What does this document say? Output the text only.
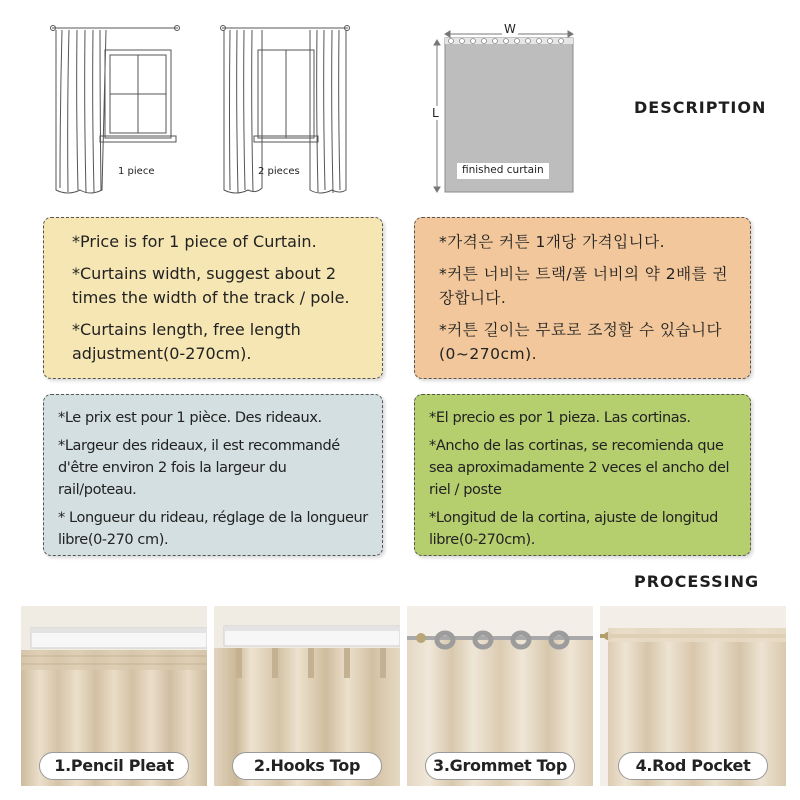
1 piece	2 pieces
W
L
finished curtain
DESCRIPTION

*Price is for 1 piece of Curtain.

*Curtains width, suggest about 2 times the width of the track / pole.

*Curtains length, free length adjustment(0-270cm).

*가격은 커튼 1개당 가격입니다.

*커튼 너비는 트랙/폴 너비의 약 2배를 권장합니다.

*커튼 길이는 무료로 조정할 수 있습니다(0~270cm).

*Le prix est pour 1 pièce. Des rideaux.

*Largeur des rideaux, il est recommandé d'être environ 2 fois la largeur du rail/poteau.

* Longueur du rideau, réglage de la longueur libre(0-270 cm).

*El precio es por 1 pieza. Las cortinas.

*Ancho de las cortinas, se recomienda que sea aproximadamente 2 veces el ancho del riel / poste

*Longitud de la cortina, ajuste de longitud libre(0-270cm).

PROCESSING
1.Pencil Pleat	2.Hooks Top	3.Grommet Top	4.Rod Pocket
